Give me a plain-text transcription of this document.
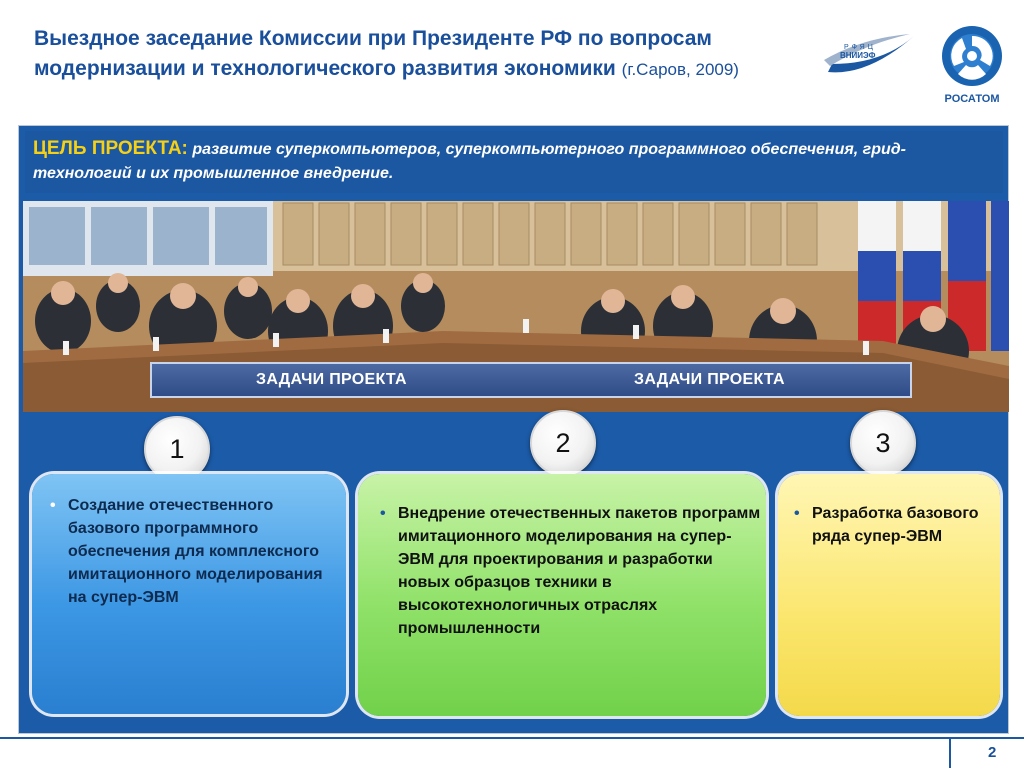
Выездное заседание Комиссии при Президенте РФ по вопросам модернизации и технологического развития экономики (г.Саров, 2009)
РФЯЦ
ВНИИЭФ
РОСАТОМ
ЦЕЛЬ ПРОЕКТА: развитие суперкомпьютеров, суперкомпьютерного программного обеспечения, грид-технологий и их промышленное внедрение.
ЗАДАЧИ ПРОЕКТА	ЗАДАЧИ ПРОЕКТА
1	2	3
• Создание отечественного базового программного обеспечения для комплексного имитационного моделирования на супер-ЭВМ
• Внедрение отечественных пакетов программ имитационного моделирования на супер-ЭВМ для проектирования и разработки новых образцов техники в высокотехнологичных отраслях промышленности
• Разработка базового ряда супер-ЭВМ
2
